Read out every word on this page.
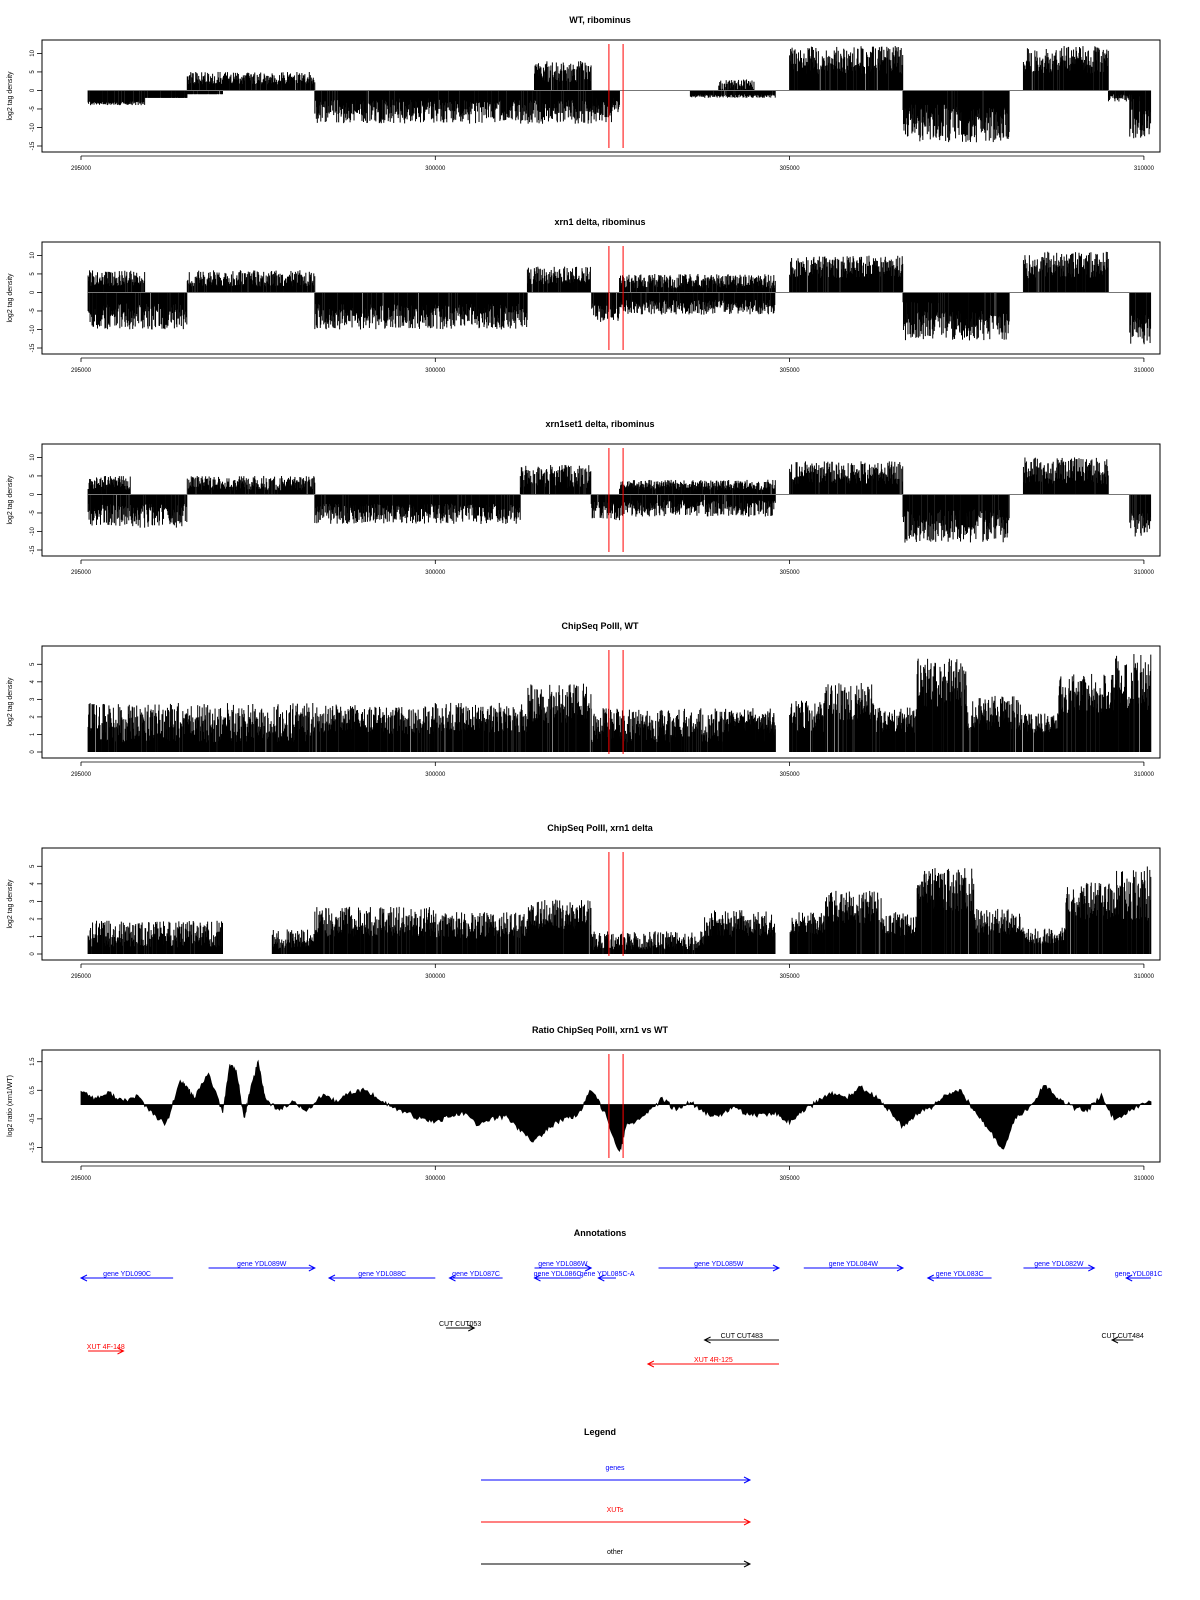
WT, ribominus
-15
-10
-5
0
5
10
log2 tag density
295000	300000	305000	310000
xrn1 delta, ribominus
-15
-10
-5
0
5
10
log2 tag density
295000	300000	305000	310000
xrn1set1 delta, ribominus
-15
-10
-5
0
5
10
log2 tag density
295000	300000	305000	310000
ChipSeq PolII, WT
0
1
2
3
4
5
log2 tag density
295000	300000	305000	310000
ChipSeq PolII, xrn1 delta
0
1
2
3
4
5
log2 tag density
295000	300000	305000	310000
Ratio ChipSeq PolII, xrn1 vs WT
-1.5
-0.5
0.5
1.5
log2 ratio (xrn1/WT)
295000	300000	305000	310000
Annotations
gene YDL090C
gene YDL089W
gene YDL088C	gene YDL087C
gene YDL086W
gene YDL086C
gene YDL085C-A
gene YDL085W	gene YDL084W
gene YDL083C
gene YDL082W
gene YDL081C
CUT CUT053
CUT CUT483	CUT CUT484
XUT 4F-148
XUT 4R-125
Legend
genes
XUTs
other
